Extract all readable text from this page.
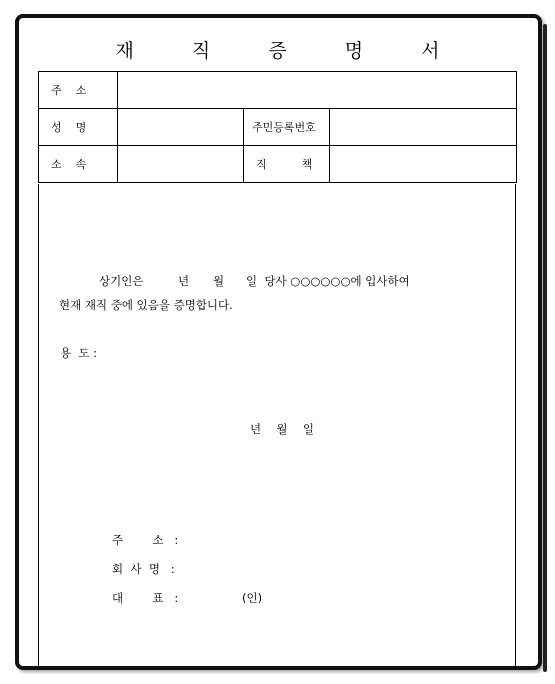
재 직 증 명 서
주    소			
성    명		주민등록번호	
소    속		직          책	
상기인은	년 월 일  당사 ○○○○○○에 입사하여
현재 재직 중에 있음을 증명합니다.
용  도 :
년  월  일
주        소   :
회  사  명   :
대        표   :	(인)
